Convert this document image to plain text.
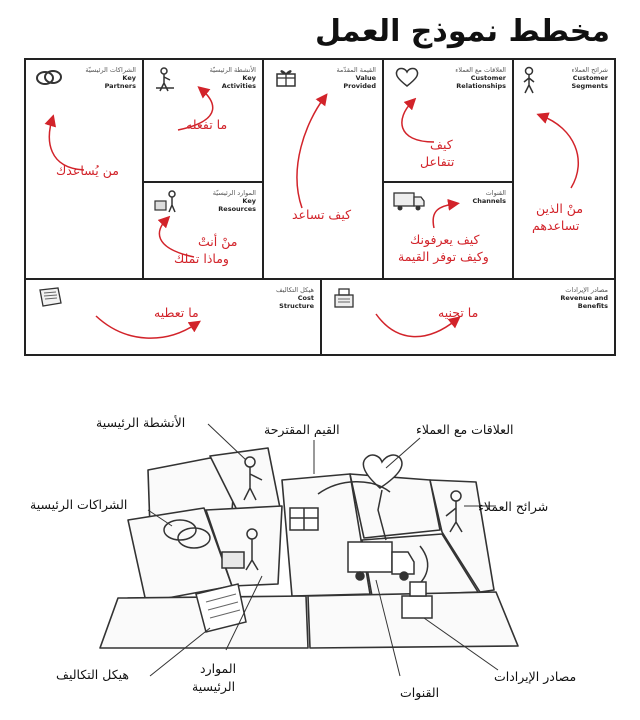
مخطط نموذج العمل
الشراكات الرئيسيّة
Key
Partners
من يُساعدك
الأنشطة الرئيسيّة
Key
Activities
ما تفعله
الموارد الرئيسيّة
Key
Resources
منْ أنتْ
وماذا تملك
القيمة المقدّمة
Value
Provided
كيف تساعد
العلاقات مع العملاء
Customer
Relationships
كيف
تتفاعل
القنوات
Channels
كيف يعرفونك
وكيف توفر القيمة
شرائح العملاء
Customer
Segments
منْ الذين
تساعدهم
هيكل التكاليف
Cost
Structure
ما تعطيه
مصادر الإيرادات
Revenue and
Benefits
ما تجنيه
الأنشطة الرئيسية	القيم المقترحة	العلاقات مع العملاء
الشراكات الرئيسية	شرائح العملاء
هيكل التكاليف	الموارد
الرئيسية	القنوات
مصادر الإيرادات
